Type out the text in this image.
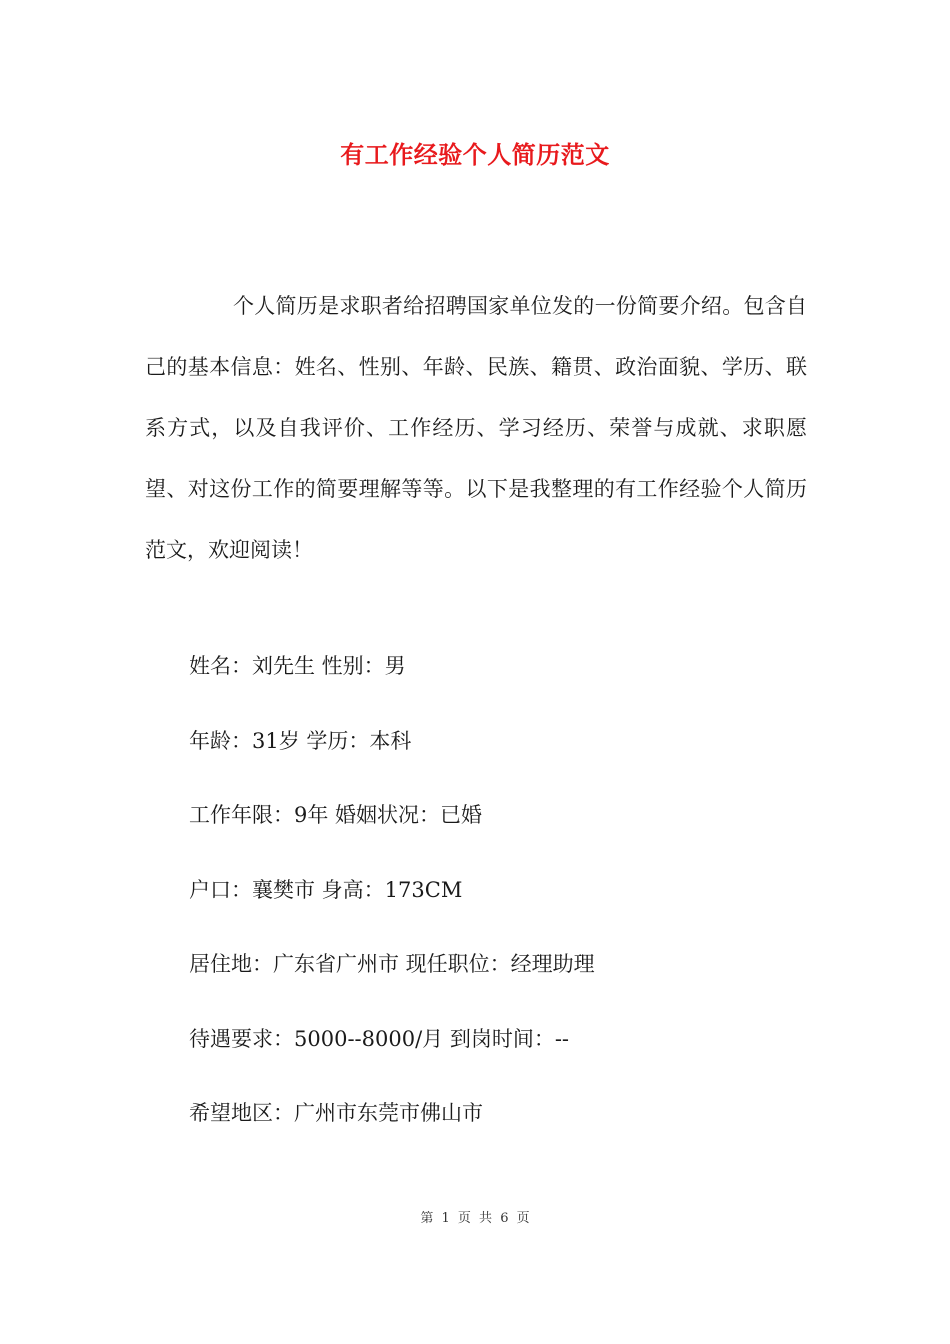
有工作经验个人简历范文

个人简历是求职者给招聘国家单位发的一份简要介绍。包含自己的基本信息：姓名、性别、年龄、民族、籍贯、政治面貌、学历、联系方式，以及自我评价、工作经历、学习经历、荣誉与成就、求职愿望、对这份工作的简要理解等等。以下是我整理的有工作经验个人简历范文，欢迎阅读！

姓名：刘先生 性别：男
年龄：31岁 学历：本科
工作年限：9年 婚姻状况：已婚
户口：襄樊市 身高：173CM
居住地：广东省广州市 现任职位：经理助理
待遇要求：5000--8000/月 到岗时间：--
希望地区：广州市东莞市佛山市
第 1 页 共 6 页
